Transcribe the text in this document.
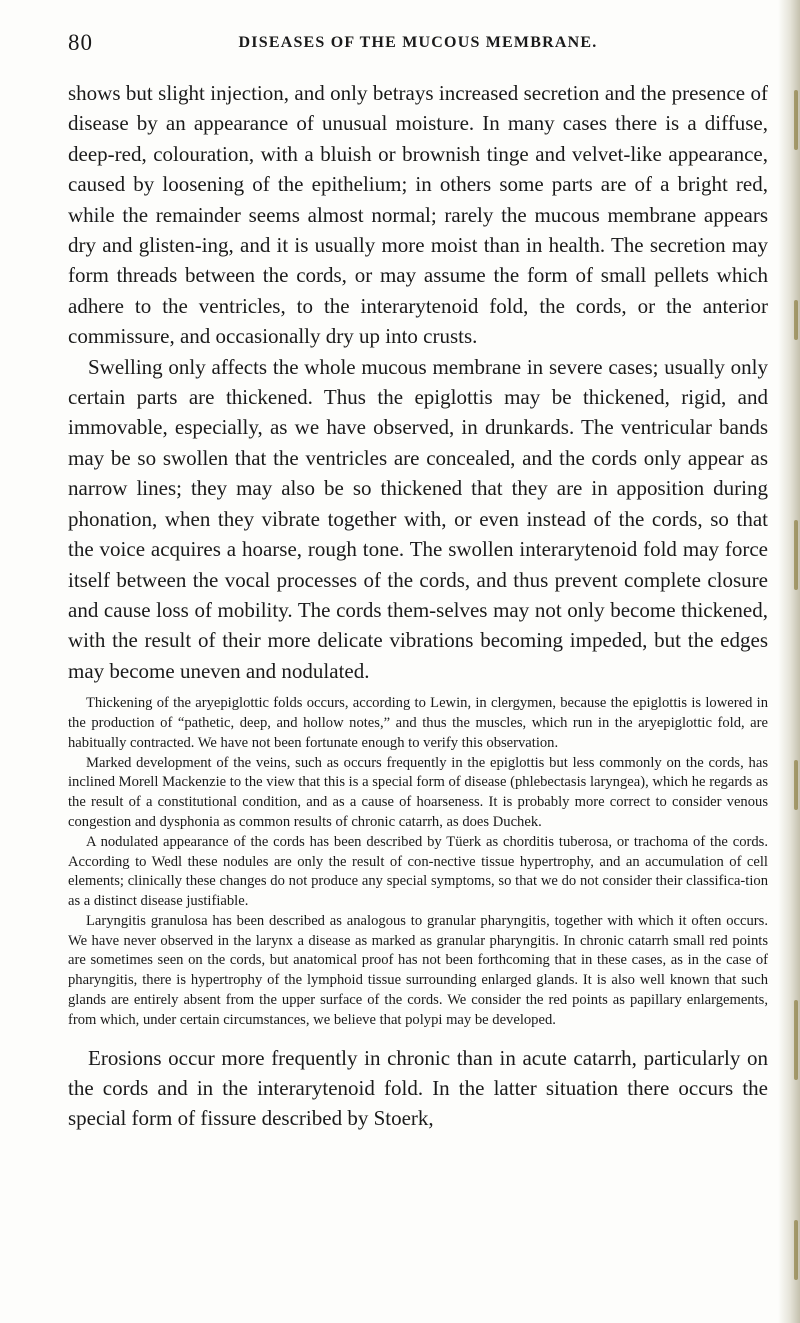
80	DISEASES OF THE MUCOUS MEMBRANE.

shows but slight injection, and only betrays increased secretion and the presence of disease by an appearance of unusual moisture. In many cases there is a diffuse, deep-red, colouration, with a bluish or brownish tinge and velvet-like appearance, caused by loosening of the epithelium; in others some parts are of a bright red, while the remainder seems almost normal; rarely the mucous membrane appears dry and glisten-ing, and it is usually more moist than in health. The secretion may form threads between the cords, or may assume the form of small pellets which adhere to the ventricles, to the interarytenoid fold, the cords, or the anterior commissure, and occasionally dry up into crusts.

Swelling only affects the whole mucous membrane in severe cases; usually only certain parts are thickened. Thus the epiglottis may be thickened, rigid, and immovable, especially, as we have observed, in drunkards. The ventricular bands may be so swollen that the ventricles are concealed, and the cords only appear as narrow lines; they may also be so thickened that they are in apposition during phonation, when they vibrate together with, or even instead of the cords, so that the voice acquires a hoarse, rough tone. The swollen interarytenoid fold may force itself between the vocal processes of the cords, and thus prevent complete closure and cause loss of mobility. The cords them-selves may not only become thickened, with the result of their more delicate vibrations becoming impeded, but the edges may become uneven and nodulated.

Thickening of the aryepiglottic folds occurs, according to Lewin, in clergymen, because the epiglottis is lowered in the production of “pathetic, deep, and hollow notes,” and thus the muscles, which run in the aryepiglottic fold, are habitually contracted. We have not been fortunate enough to verify this observation.

Marked development of the veins, such as occurs frequently in the epiglottis but less commonly on the cords, has inclined Morell Mackenzie to the view that this is a special form of disease (phlebectasis laryngea), which he regards as the result of a constitutional condition, and as a cause of hoarseness. It is probably more correct to consider venous congestion and dysphonia as common results of chronic catarrh, as does Duchek.

A nodulated appearance of the cords has been described by Tüerk as chorditis tuberosa, or trachoma of the cords. According to Wedl these nodules are only the result of con-nective tissue hypertrophy, and an accumulation of cell elements; clinically these changes do not produce any special symptoms, so that we do not consider their classifica-tion as a distinct disease justifiable.

Laryngitis granulosa has been described as analogous to granular pharyngitis, together with which it often occurs. We have never observed in the larynx a disease as marked as granular pharyngitis. In chronic catarrh small red points are sometimes seen on the cords, but anatomical proof has not been forthcoming that in these cases, as in the case of pharyngitis, there is hypertrophy of the lymphoid tissue surrounding enlarged glands. It is also well known that such glands are entirely absent from the upper surface of the cords. We consider the red points as papillary enlargements, from which, under certain circumstances, we believe that polypi may be developed.

Erosions occur more frequently in chronic than in acute catarrh, particularly on the cords and in the interarytenoid fold. In the latter situation there occurs the special form of fissure described by Stoerk,
